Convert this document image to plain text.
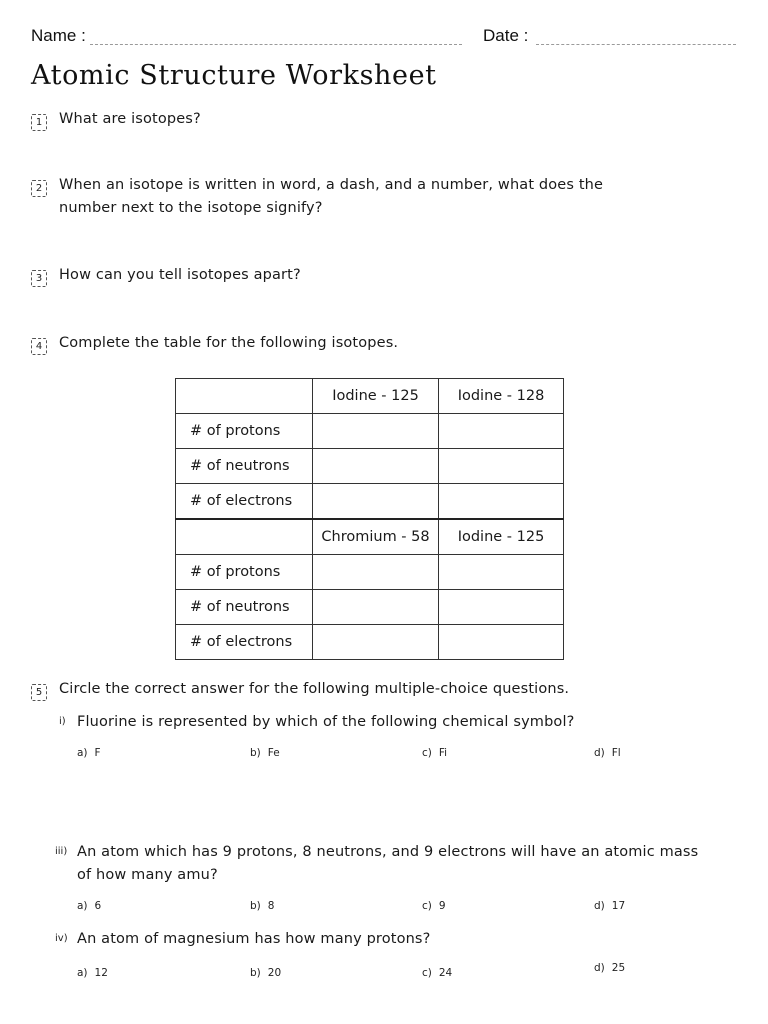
Name :	Date :
Atomic Structure Worksheet
1	What are isotopes?
2	When an isotope is written in word, a dash, and a number, what does the
number next to the isotope signify?
3	How can you tell isotopes apart?
4	Complete the table for the following isotopes.
	Iodine - 125	Iodine - 128
# of protons		
# of neutrons		
# of electrons		
	Chromium - 58	Iodine - 125
# of protons		
# of neutrons		
# of electrons		
5	Circle the correct answer for the following multiple-choice questions.
i) Fluorine is represented by which of the following chemical symbol?
a) F	b) Fe	c) Fi	d) Fl
iii) An atom which has 9 protons, 8 neutrons, and 9 electrons will have an atomic mass
of how many amu?
a) 6	b) 8	c) 9	d) 17
iv) An atom of magnesium has how many protons?
a) 12	b) 20	c) 24	d) 25
